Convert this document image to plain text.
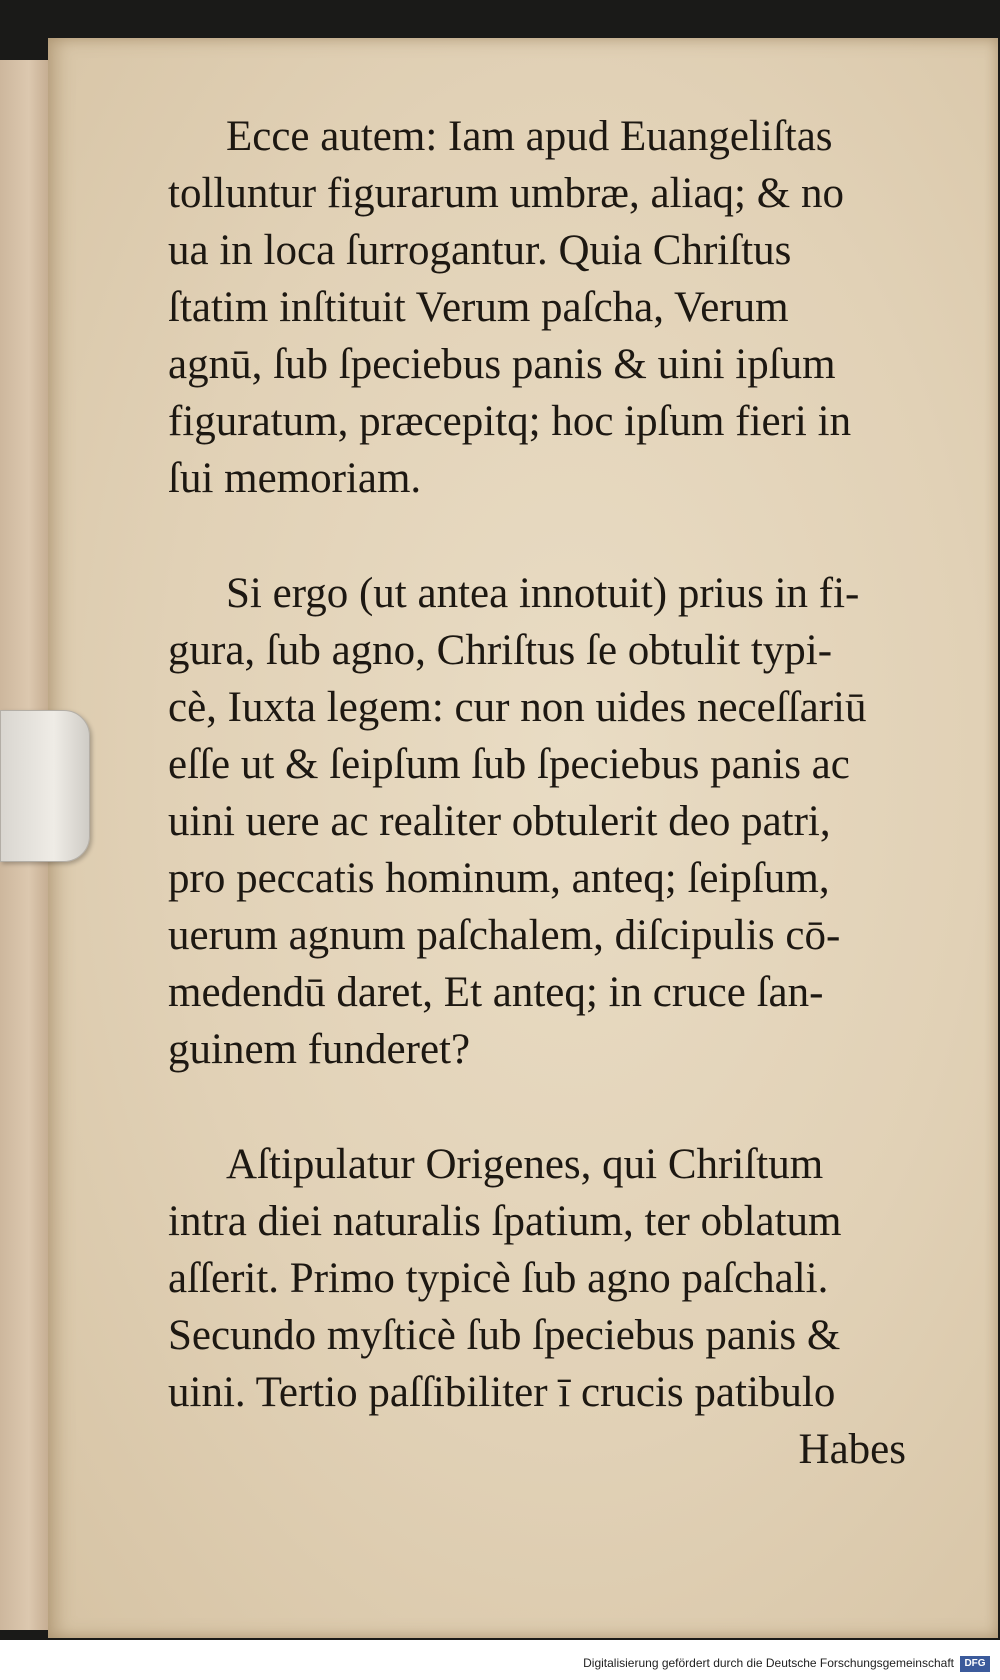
Ecce autem: Iam apud Euangeliſtas
tolluntur figurarum umbræ, aliaq; & no
ua in loca ſurrogantur. Quia Chriſtus
ſtatim inſtituit Verum paſcha, Verum
agnū, ſub ſpeciebus panis & uini ipſum
figuratum, præcepitq; hoc ipſum fieri in
ſui memoriam.
Si ergo (ut antea innotuit) prius in fi-
gura, ſub agno, Chriſtus ſe obtulit typi-
cè, Iuxta legem: cur non uides neceſſariū
eſſe ut & ſeipſum ſub ſpeciebus panis ac
uini uere ac realiter obtulerit deo patri,
pro peccatis hominum, anteq; ſeipſum,
uerum agnum paſchalem, diſcipulis cō-
medendū daret, Et anteq; in cruce ſan-
guinem funderet?
Aſtipulatur Origenes, qui Chriſtum
intra diei naturalis ſpatium, ter oblatum
aſſerit. Primo typicè ſub agno paſchali.
Secundo myſticè ſub ſpeciebus panis &
uini. Tertio paſſibiliter ī crucis patibulo
Habes
Digitalisierung gefördert durch die Deutsche Forschungsgemeinschaft	DFG
